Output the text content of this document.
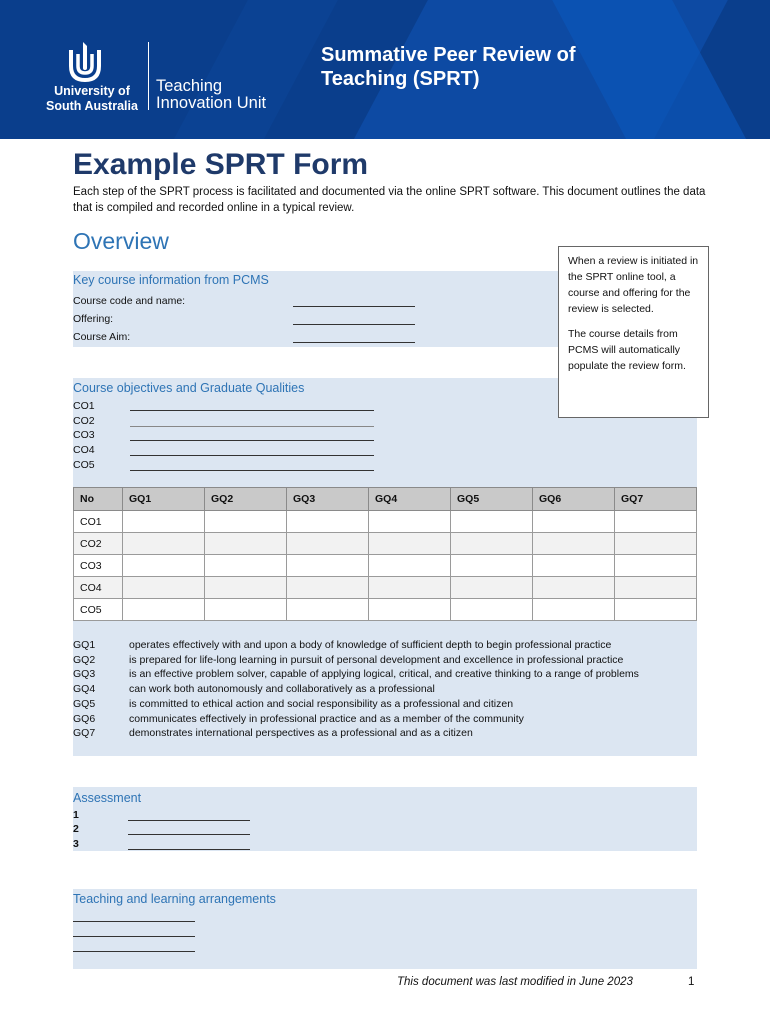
University of
South Australia
Teaching
Innovation Unit
Summative Peer Review of
Teaching (SPRT)
Example SPRT Form
Each step of the SPRT process is facilitated and documented via the online SPRT software. This document outlines the data that is compiled and recorded online in a typical review.
Overview
Key course information from PCMS
Course code and name:
Offering:
Course Aim:
Course objectives and Graduate Qualities
CO1
CO2
CO3
CO4
CO5

When a review is initiated in the SPRT online tool, a course and offering for the review is selected.

The course details from PCMS will automatically populate the review form.

No	GQ1	GQ2	GQ3	GQ4	GQ5	GQ6	GQ7
CO1							
CO2							
CO3							
CO4							
CO5							
GQ1	operates effectively with and upon a body of knowledge of sufficient depth to begin professional practice
GQ2	is prepared for life-long learning in pursuit of personal development and excellence in professional practice
GQ3	is an effective problem solver, capable of applying logical, critical, and creative thinking to a range of problems
GQ4	can work both autonomously and collaboratively as a professional
GQ5	is committed to ethical action and social responsibility as a professional and citizen
GQ6	communicates effectively in professional practice and as a member of the community
GQ7	demonstrates international perspectives as a professional and as a citizen
Assessment
1
2
3
Teaching and learning arrangements
This document was last modified in June 2023	1
